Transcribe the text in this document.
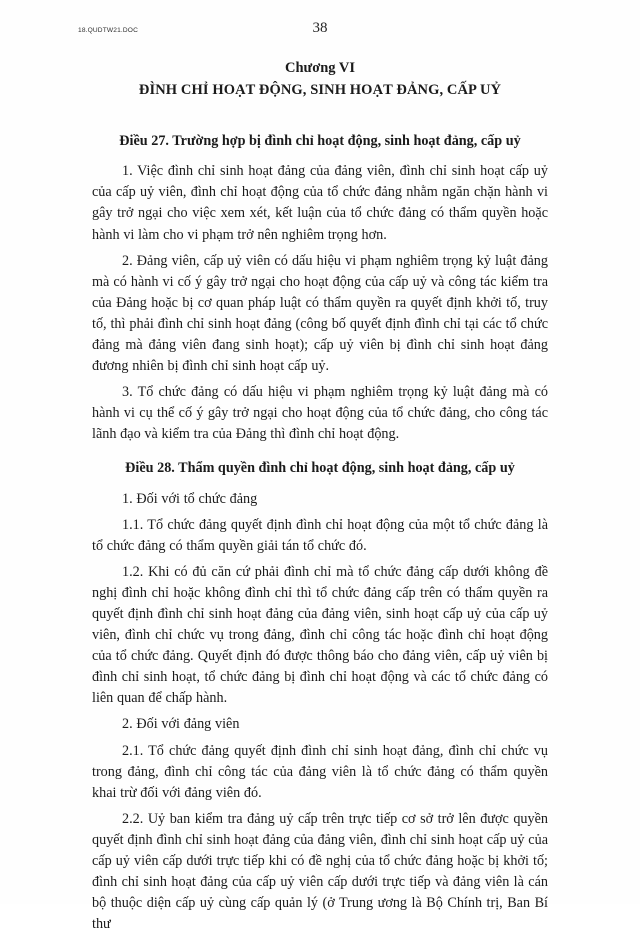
18.QUDTW21.DOC	38

Chương VI

ĐÌNH CHỈ HOẠT ĐỘNG, SINH HOẠT ĐẢNG, CẤP UỶ

Điều 27. Trường hợp bị đình chỉ hoạt động, sinh hoạt đảng, cấp uỷ

1. Việc đình chỉ sinh hoạt đảng của đảng viên, đình chỉ sinh hoạt cấp uỷ của cấp uỷ viên, đình chỉ hoạt động của tổ chức đảng nhằm ngăn chặn hành vi gây trở ngại cho việc xem xét, kết luận của tổ chức đảng có thẩm quyền hoặc hành vi làm cho vi phạm trở nên nghiêm trọng hơn.

2. Đảng viên, cấp uỷ viên có dấu hiệu vi phạm nghiêm trọng kỷ luật đảng mà có hành vi cố ý gây trở ngại cho hoạt động của cấp uỷ và công tác kiểm tra của Đảng hoặc bị cơ quan pháp luật có thẩm quyền ra quyết định khởi tố, truy tố, thì phải đình chỉ sinh hoạt đảng (công bố quyết định đình chỉ tại các tổ chức đảng mà đảng viên đang sinh hoạt); cấp uỷ viên bị đình chỉ sinh hoạt đảng đương nhiên bị đình chỉ sinh hoạt cấp uỷ.

3. Tổ chức đảng có dấu hiệu vi phạm nghiêm trọng kỷ luật đảng mà có hành vi cụ thể cố ý gây trở ngại cho hoạt động của tổ chức đảng, cho công tác lãnh đạo và kiểm tra của Đảng thì đình chỉ hoạt động.

Điều 28. Thẩm quyền đình chỉ hoạt động, sinh hoạt đảng, cấp uỷ

1. Đối với tổ chức đảng

1.1. Tổ chức đảng quyết định đình chỉ hoạt động của một tổ chức đảng là tổ chức đảng có thẩm quyền giải tán tổ chức đó.

1.2. Khi có đủ căn cứ phải đình chỉ mà tổ chức đảng cấp dưới không đề nghị đình chỉ hoặc không đình chỉ thì tổ chức đảng cấp trên có thẩm quyền ra quyết định đình chỉ sinh hoạt đảng của đảng viên, sinh hoạt cấp uỷ của cấp uỷ viên, đình chỉ chức vụ trong đảng, đình chỉ công tác hoặc đình chỉ hoạt động của tổ chức đảng. Quyết định đó được thông báo cho đảng viên, cấp uỷ viên bị đình chỉ sinh hoạt, tổ chức đảng bị đình chỉ hoạt động và các tổ chức đảng có liên quan để chấp hành.

2. Đối với đảng viên

2.1. Tổ chức đảng quyết định đình chỉ sinh hoạt đảng, đình chỉ chức vụ trong đảng, đình chỉ công tác của đảng viên là tổ chức đảng có thẩm quyền khai trừ đối với đảng viên đó.

2.2. Uỷ ban kiểm tra đảng uỷ cấp trên trực tiếp cơ sở trở lên được quyền quyết định đình chỉ sinh hoạt đảng của đảng viên, đình chỉ sinh hoạt cấp uỷ của cấp uỷ viên cấp dưới trực tiếp khi có đề nghị của tổ chức đảng hoặc bị khởi tố; đình chỉ sinh hoạt đảng của cấp uỷ viên cấp dưới trực tiếp và đảng viên là cán bộ thuộc diện cấp uỷ cùng cấp quản lý (ở Trung ương là Bộ Chính trị, Ban Bí thư
